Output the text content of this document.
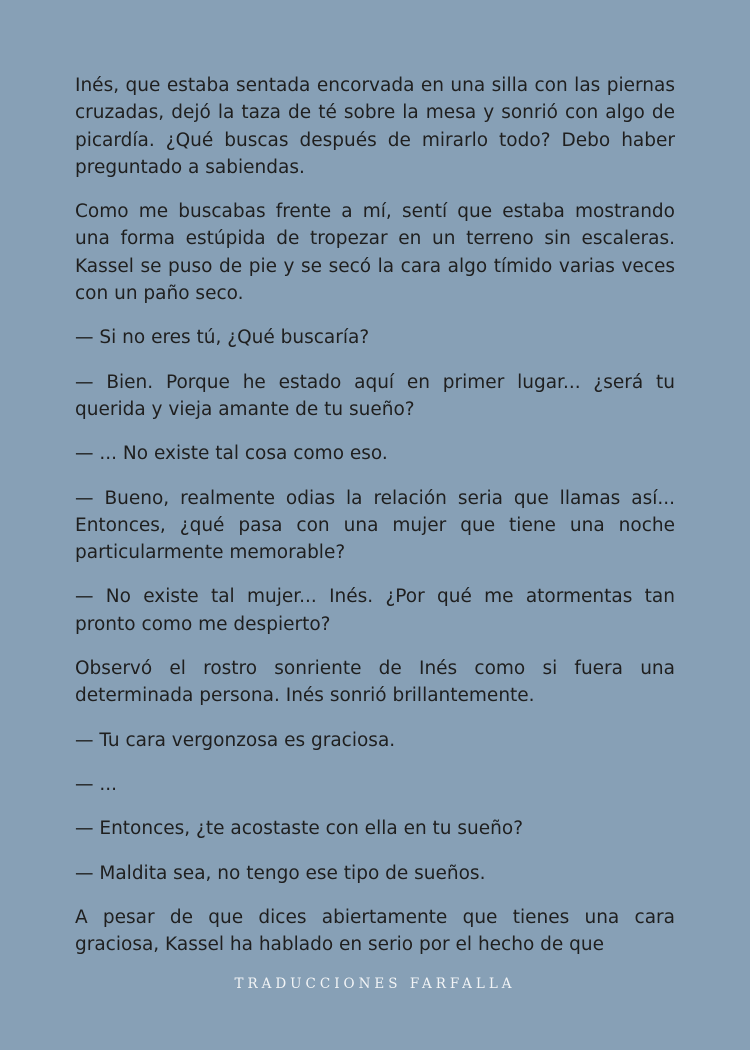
Inés, que estaba sentada encorvada en una silla con las piernas cruzadas, dejó la taza de té sobre la mesa y sonrió con algo de picardía. ¿Qué buscas después de mirarlo todo? Debo haber preguntado a sabiendas.

Como me buscabas frente a mí, sentí que estaba mostrando una forma estúpida de tropezar en un terreno sin escaleras. Kassel se puso de pie y se secó la cara algo tímido varias veces con un paño seco.

— Si no eres tú, ¿Qué buscaría?

— Bien. Porque he estado aquí en primer lugar... ¿será tu querida y vieja amante de tu sueño?

— ... No existe tal cosa como eso.

— Bueno, realmente odias la relación seria que llamas así... Entonces, ¿qué pasa con una mujer que tiene una noche particularmente memorable?

— No existe tal mujer... Inés. ¿Por qué me atormentas tan pronto como me despierto?

Observó el rostro sonriente de Inés como si fuera una determinada persona. Inés sonrió brillantemente.

— Tu cara vergonzosa es graciosa.

— ...

— Entonces, ¿te acostaste con ella en tu sueño?

— Maldita sea, no tengo ese tipo de sueños.

A pesar de que dices abiertamente que tienes una cara graciosa, Kassel ha hablado en serio por el hecho de que

TRADUCCIONES FARFALLA
